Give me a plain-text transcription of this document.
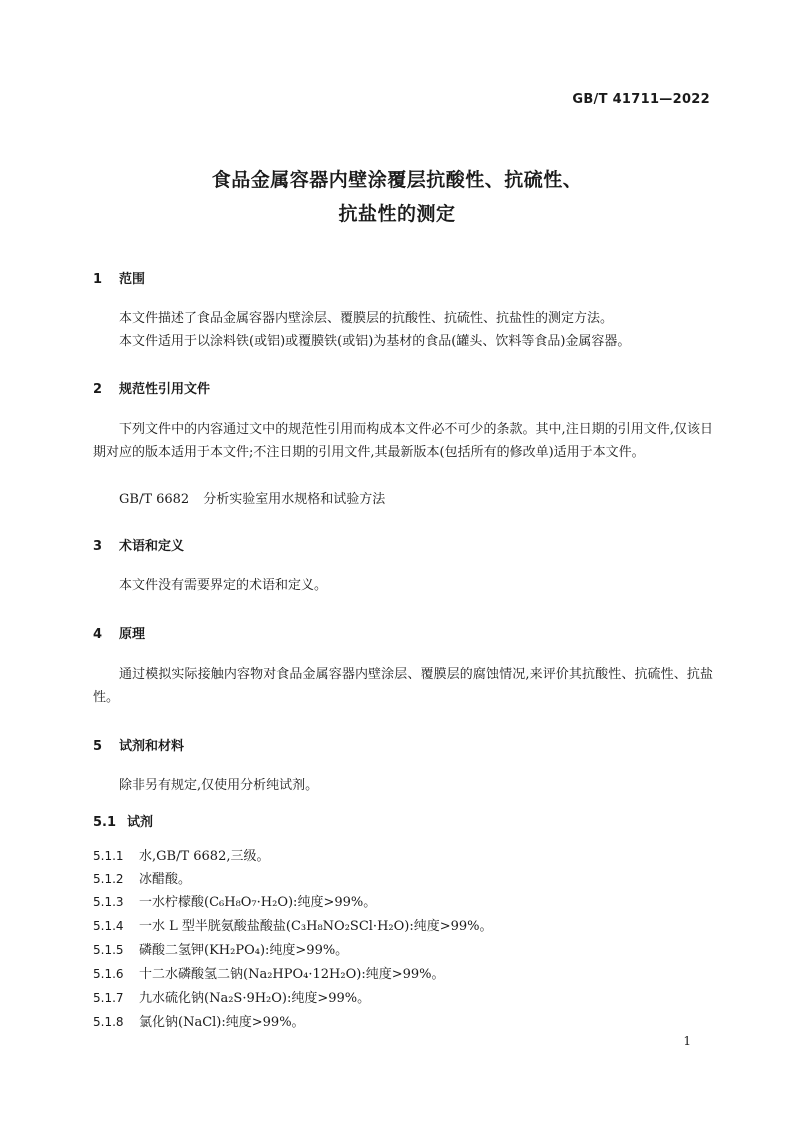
GB/T 41711—2022
食品金属容器内壁涂覆层抗酸性、抗硫性、
抗盐性的测定
1 范围
本文件描述了食品金属容器内壁涂层、覆膜层的抗酸性、抗硫性、抗盐性的测定方法。
本文件适用于以涂料铁(或铝)或覆膜铁(或铝)为基材的食品(罐头、饮料等食品)金属容器。
2 规范性引用文件
下列文件中的内容通过文中的规范性引用而构成本文件必不可少的条款。其中,注日期的引用文件,仅该日期对应的版本适用于本文件;不注日期的引用文件,其最新版本(包括所有的修改单)适用于本文件。
GB/T 6682 分析实验室用水规格和试验方法
3 术语和定义
本文件没有需要界定的术语和定义。
4 原理
通过模拟实际接触内容物对食品金属容器内壁涂层、覆膜层的腐蚀情况,来评价其抗酸性、抗硫性、抗盐性。
5 试剂和材料
除非另有规定,仅使用分析纯试剂。
5.1 试剂
5.1.1 水,GB/T 6682,三级。
5.1.2 冰醋酸。
5.1.3 一水柠檬酸(C₆H₈O₇·H₂O):纯度>99%。
5.1.4 一水 L 型半胱氨酸盐酸盐(C₃H₈NO₂SCl·H₂O):纯度>99%。
5.1.5 磷酸二氢钾(KH₂PO₄):纯度>99%。
5.1.6 十二水磷酸氢二钠(Na₂HPO₄·12H₂O):纯度>99%。
5.1.7 九水硫化钠(Na₂S·9H₂O):纯度>99%。
5.1.8 氯化钠(NaCl):纯度>99%。
1
